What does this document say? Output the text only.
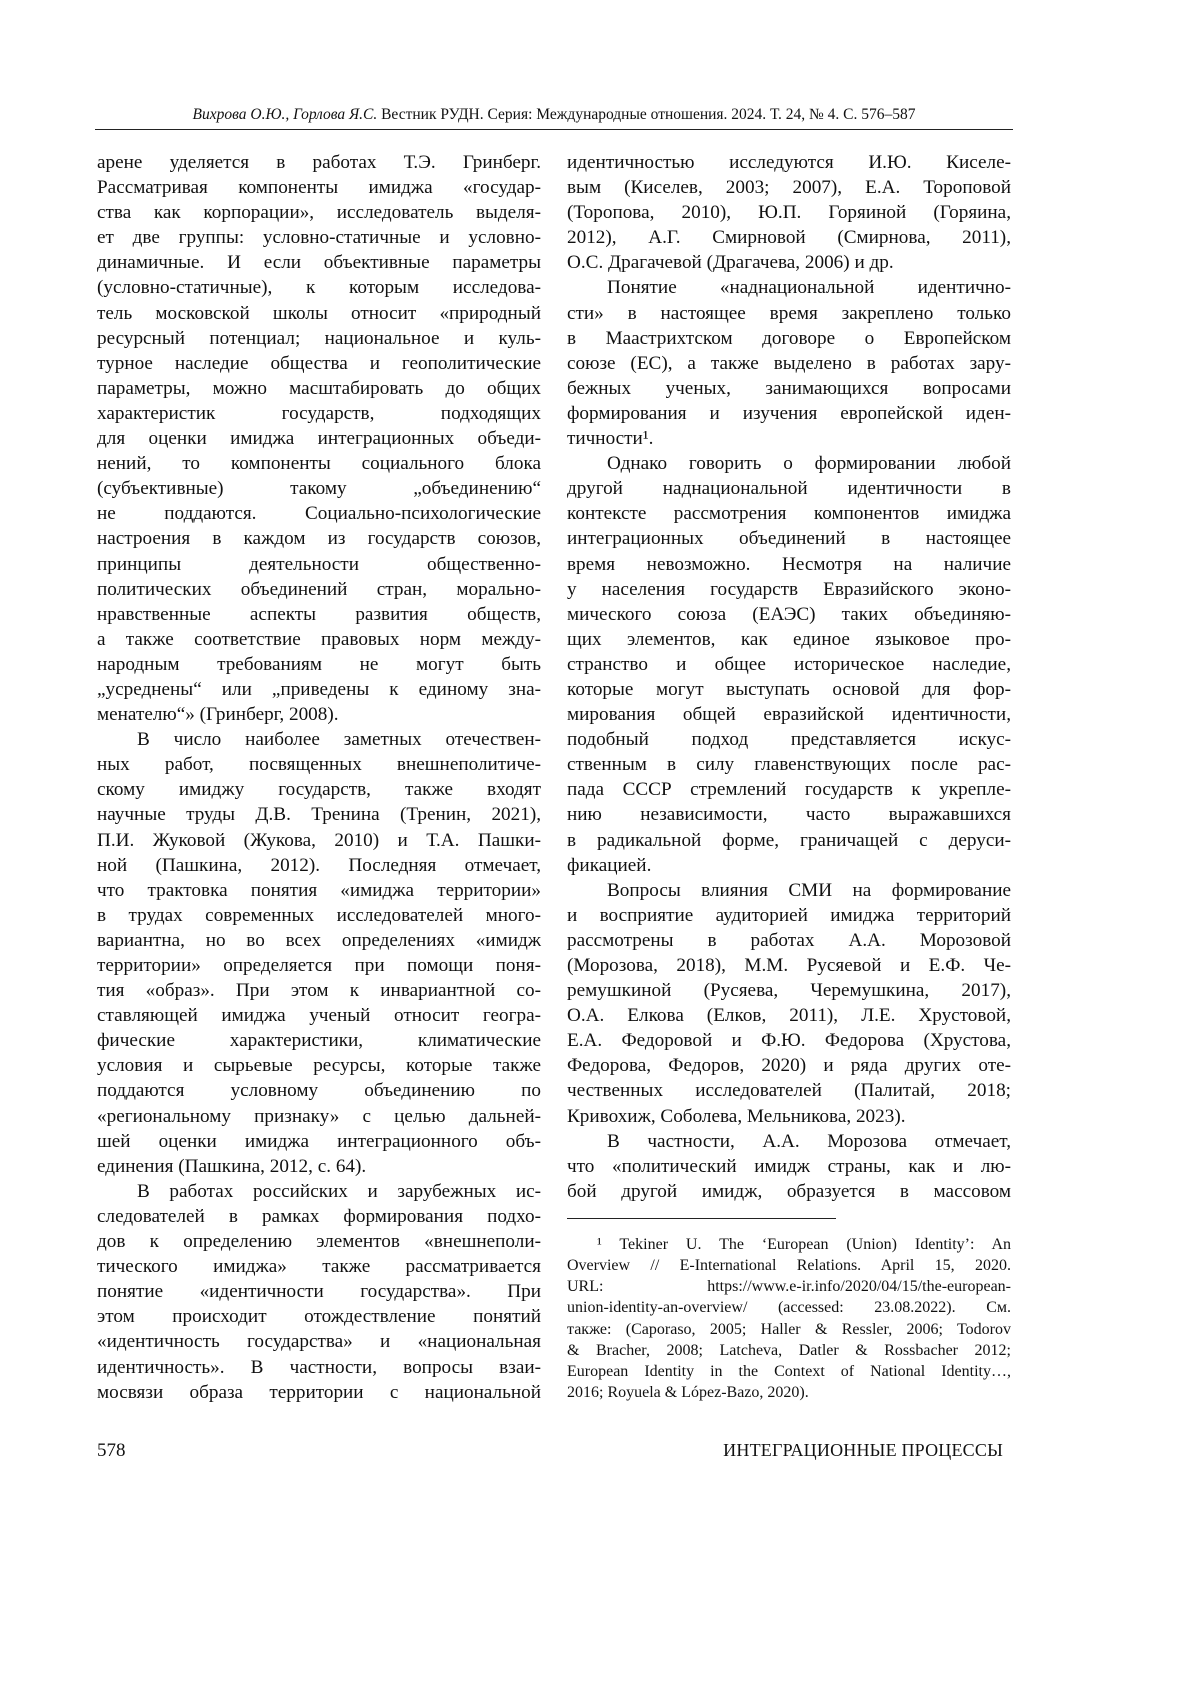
Вихрова О.Ю., Горлова Я.С. Вестник РУДН. Серия: Международные отношения. 2024. Т. 24, № 4. С. 576–587
арене уделяется в работах Т.Э. Гринберг.
Рассматривая компоненты имиджа «государ-
ства как корпорации», исследователь выделя-
ет две группы: условно-статичные и условно-
динамичные. И если объективные параметры
(условно-статичные), к которым исследова-
тель московской школы относит «природный
ресурсный потенциал; национальное и куль-
турное наследие общества и геополитические
параметры, можно масштабировать до общих
характеристик государств, подходящих
для оценки имиджа интеграционных объеди-
нений, то компоненты социального блока
(субъективные) такому „объединению“
не поддаются. Социально-психологические
настроения в каждом из государств союзов,
принципы деятельности общественно-
политических объединений стран, морально-
нравственные аспекты развития обществ,
а также соответствие правовых норм между-
народным требованиям не могут быть
„усреднены“ или „приведены к единому зна-
менателю“» (Гринберг, 2008).
В число наиболее заметных отечествен-
ных работ, посвященных внешнеполитиче-
скому имиджу государств, также входят
научные труды Д.В. Тренина (Тренин, 2021),
П.И. Жуковой (Жукова, 2010) и Т.А. Пашки-
ной (Пашкина, 2012). Последняя отмечает,
что трактовка понятия «имиджа территории»
в трудах современных исследователей много-
вариантна, но во всех определениях «имидж
территории» определяется при помощи поня-
тия «образ». При этом к инвариантной со-
ставляющей имиджа ученый относит геогра-
фические характеристики, климатические
условия и сырьевые ресурсы, которые также
поддаются условному объединению по
«региональному признаку» с целью дальней-
шей оценки имиджа интеграционного объ-
единения (Пашкина, 2012, с. 64).
В работах российских и зарубежных ис-
следователей в рамках формирования подхо-
дов к определению элементов «внешнеполи-
тического имиджа» также рассматривается
понятие «идентичности государства». При
этом происходит отождествление понятий
«идентичность государства» и «национальная
идентичность». В частности, вопросы взаи-
мосвязи образа территории с национальной
идентичностью исследуются И.Ю. Киселе-
вым (Киселев, 2003; 2007), Е.А. Тороповой
(Торопова, 2010), Ю.П. Горяиной (Горяина,
2012), А.Г. Смирновой (Смирнова, 2011),
О.С. Драгачевой (Драгачева, 2006) и др.
Понятие «наднациональной идентично-
сти» в настоящее время закреплено только
в Маастрихтском договоре о Европейском
союзе (ЕС), а также выделено в работах зару-
бежных ученых, занимающихся вопросами
формирования и изучения европейской иден-
тичности¹.
Однако говорить о формировании любой
другой наднациональной идентичности в
контексте рассмотрения компонентов имиджа
интеграционных объединений в настоящее
время невозможно. Несмотря на наличие
у населения государств Евразийского эконо-
мического союза (ЕАЭС) таких объединяю-
щих элементов, как единое языковое про-
странство и общее историческое наследие,
которые могут выступать основой для фор-
мирования общей евразийской идентичности,
подобный подход представляется искус-
ственным в силу главенствующих после рас-
пада СССР стремлений государств к укрепле-
нию независимости, часто выражавшихся
в радикальной форме, граничащей с деруси-
фикацией.
Вопросы влияния СМИ на формирование
и восприятие аудиторией имиджа территорий
рассмотрены в работах А.А. Морозовой
(Морозова, 2018), М.М. Русяевой и Е.Ф. Че-
ремушкиной (Русяева, Черемушкина, 2017),
О.А. Елкова (Елков, 2011), Л.Е. Хрустовой,
Е.А. Федоровой и Ф.Ю. Федорова (Хрустова,
Федорова, Федоров, 2020) и ряда других оте-
чественных исследователей (Палитай, 2018;
Кривохиж, Соболева, Мельникова, 2023).
В частности, А.А. Морозова отмечает,
что «политический имидж страны, как и лю-
бой другой имидж, образуется в массовом
¹ Tekiner U. The ‘European (Union) Identity’: An
Overview // E-International Relations. April 15, 2020.
URL: https://www.e-ir.info/2020/04/15/the-european-
union-identity-an-overview/ (accessed: 23.08.2022). См.
также: (Caporaso, 2005; Haller & Ressler, 2006; Todorov
& Bracher, 2008; Latcheva, Datler & Rossbacher 2012;
European Identity in the Context of National Identity…,
2016; Royuela & López-Bazo, 2020).
578	ИНТЕГРАЦИОННЫЕ ПРОЦЕССЫ
